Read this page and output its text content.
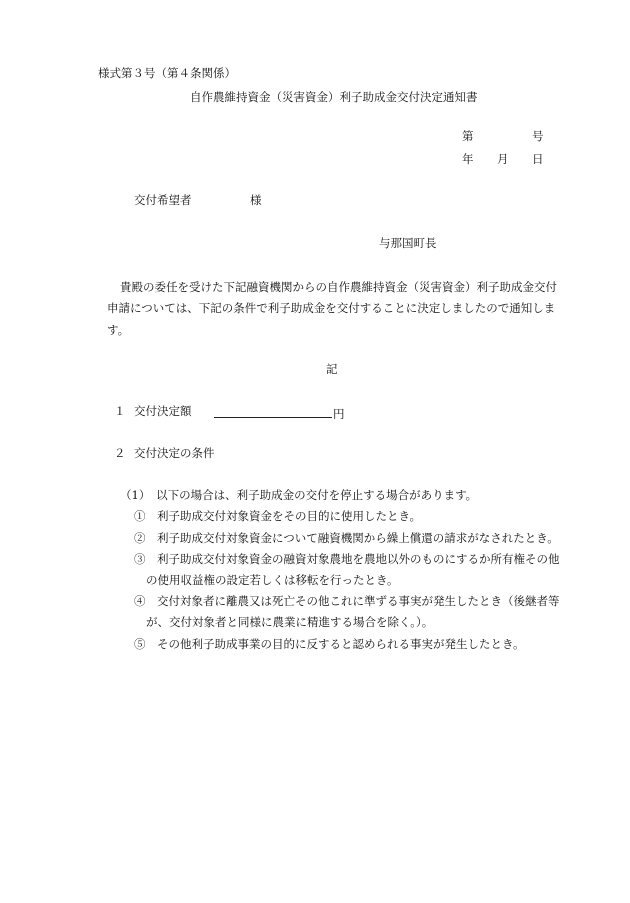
様式第３号（第４条関係）
自作農維持資金（災害資金）利子助成金交付決定通知書
第	号
年 月 日
交付希望者	様
与那国町長
貴殿の委任を受けた下記融資機関からの自作農維持資金（災害資金）利子助成金交付
申請については、下記の条件で利子助成金を交付することに決定しましたので通知しま
す。
記
１ 交付決定額	円
２ 交付決定の条件
（1）　以下の場合は、利子助成金の交付を停止する場合があります。
①　利子助成交付対象資金をその目的に使用したとき。
②　利子助成交付対象資金について融資機関から繰上償還の請求がなされたとき。
③　利子助成交付対象資金の融資対象農地を農地以外のものにするか所有権その他
の使用収益権の設定若しくは移転を行ったとき。
④　交付対象者に離農又は死亡その他これに準ずる事実が発生したとき（後継者等
が、交付対象者と同様に農業に精進する場合を除く。）。
⑤　その他利子助成事業の目的に反すると認められる事実が発生したとき。
